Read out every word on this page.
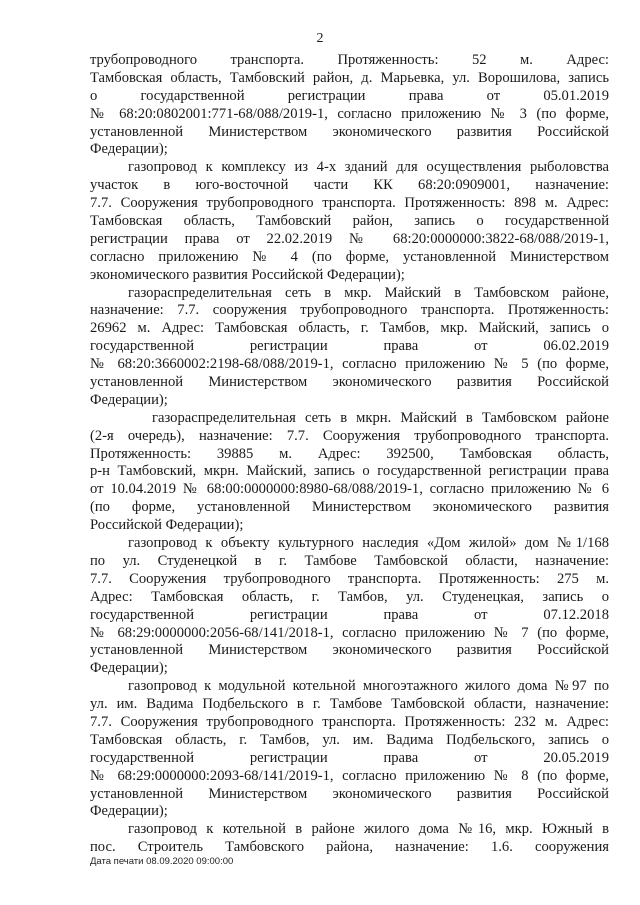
2
трубопроводного транспорта. Протяженность: 52 м. Адрес:
Тамбовская область, Тамбовский район, д. Марьевка, ул. Ворошилова, запись
о государственной регистрации права от 05.01.2019
№ 68:20:0802001:771-68/088/2019-1, согласно приложению № 3 (по форме,
установленной Министерством экономического развития Российской
Федерации);
газопровод к комплексу из 4-х зданий для осуществления рыболовства
участок в юго-восточной части КК 68:20:0909001, назначение:
7.7. Сооружения трубопроводного транспорта. Протяженность: 898 м. Адрес:
Тамбовская область, Тамбовский район, запись о государственной
регистрации права от 22.02.2019 № 68:20:0000000:3822-68/088/2019-1,
согласно приложению № 4 (по форме, установленной Министерством
экономического развития Российской Федерации);
газораспределительная сеть в мкр. Майский в Тамбовском районе,
назначение: 7.7. сооружения трубопроводного транспорта. Протяженность:
26962 м. Адрес: Тамбовская область, г. Тамбов, мкр. Майский, запись о
государственной регистрации права от 06.02.2019
№ 68:20:3660002:2198-68/088/2019-1, согласно приложению № 5 (по форме,
установленной Министерством экономического развития Российской
Федерации);
газораспределительная сеть в мкрн. Майский в Тамбовском районе
(2-я очередь), назначение: 7.7. Сооружения трубопроводного транспорта.
Протяженность: 39885 м. Адрес: 392500, Тамбовская область,
р-н Тамбовский, мкрн. Майский, запись о государственной регистрации права
от 10.04.2019 № 68:00:0000000:8980-68/088/2019-1, согласно приложению № 6
(по форме, установленной Министерством экономического развития
Российской Федерации);
газопровод к объекту культурного наследия «Дом жилой» дом №1/168
по ул. Студенецкой в г. Тамбове Тамбовской области, назначение:
7.7. Сооружения трубопроводного транспорта. Протяженность: 275 м.
Адрес: Тамбовская область, г. Тамбов, ул. Студенецкая, запись о
государственной регистрации права от 07.12.2018
№ 68:29:0000000:2056-68/141/2018-1, согласно приложению № 7 (по форме,
установленной Министерством экономического развития Российской
Федерации);
газопровод к модульной котельной многоэтажного жилого дома №97 по
ул. им. Вадима Подбельского в г. Тамбове Тамбовской области, назначение:
7.7. Сооружения трубопроводного транспорта. Протяженность: 232 м. Адрес:
Тамбовская область, г. Тамбов, ул. им. Вадима Подбельского, запись о
государственной регистрации права от 20.05.2019
№ 68:29:0000000:2093-68/141/2019-1, согласно приложению № 8 (по форме,
установленной Министерством экономического развития Российской
Федерации);
газопровод к котельной в районе жилого дома №16, мкр. Южный в
пос. Строитель Тамбовского района, назначение: 1.6. сооружения
Дата печати 08.09.2020 09:00:00
